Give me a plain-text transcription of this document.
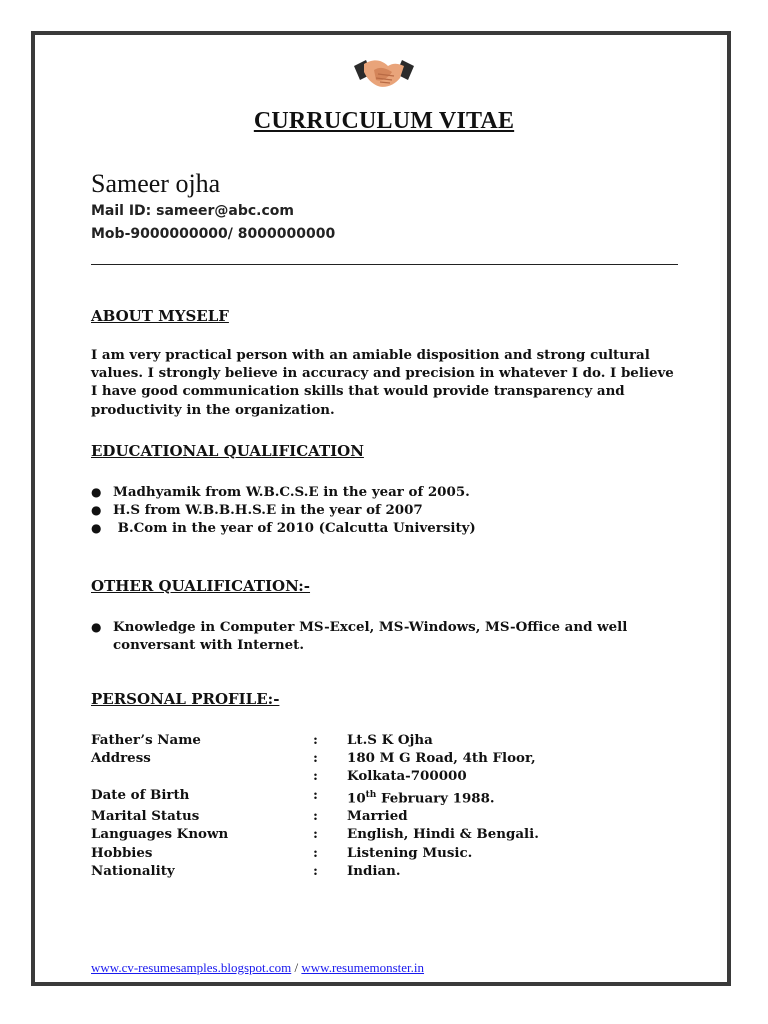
CURRUCULUM VITAE
Sameer ojha
Mail ID: sameer@abc.com
Mob-9000000000/ 8000000000
ABOUT MYSELF
I am very practical person with an amiable disposition and strong cultural values. I strongly believe in accuracy and precision in whatever I do. I believe I have good communication skills that would provide transparency and productivity in the organization.
EDUCATIONAL QUALIFICATION
● Madhyamik from W.B.C.S.E in the year of 2005.
● H.S from W.B.B.H.S.E in the year of 2007
● B.Com in the year of 2010 (Calcutta University)
OTHER QUALIFICATION:-
● Knowledge in Computer MS-Excel, MS-Windows, MS-Office and well conversant with Internet.
PERSONAL PROFILE:-
Father’s Name	:	Lt.S K Ojha
Address	:	180 M G Road, 4th Floor,
	:	Kolkata-700000
Date of Birth	:	10th February 1988.
Marital Status	:	Married
Languages Known	:	English, Hindi & Bengali.
Hobbies	:	Listening Music.
Nationality	:	Indian.
www.cv-resumesamples.blogspot.com / www.resumemonster.in
